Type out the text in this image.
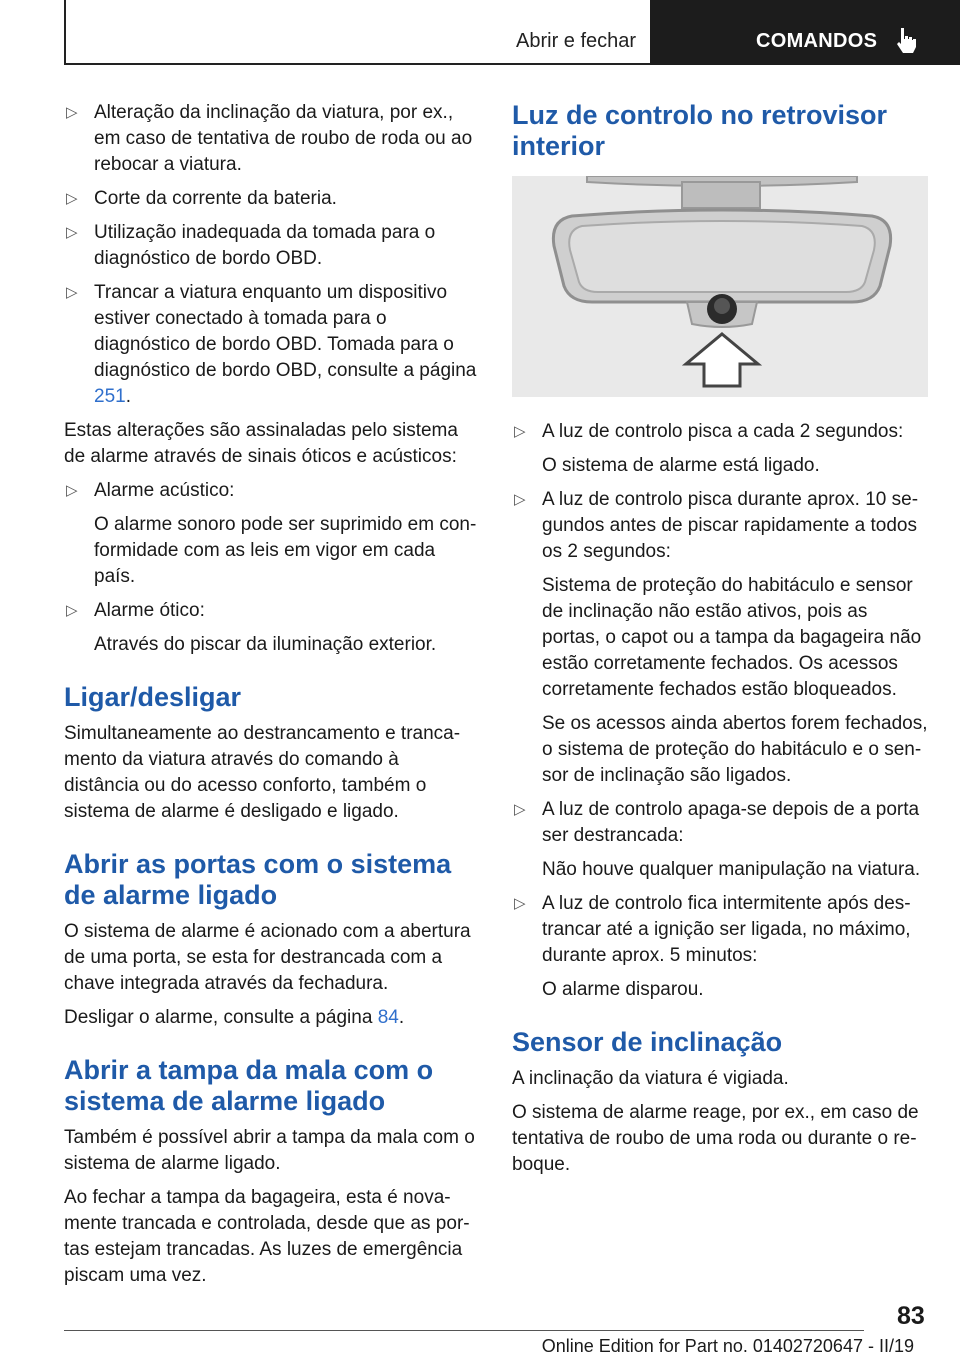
Abrir e fechar	COMANDOS
▷ Alteração da inclinação da viatura, por ex., em caso de tentativa de roubo de roda ou ao rebocar a viatura.
▷ Corte da corrente da bateria.
▷ Utilização inadequada da tomada para o diagnóstico de bordo OBD.
▷ Trancar a viatura enquanto um dispositivo estiver conectado à tomada para o diagnóstico de bordo OBD. Tomada para o diagnóstico de bordo OBD, consulte a página 251.

Estas alterações são assinaladas pelo sistema de alarme através de sinais óticos e acústicos:

▷ Alarme acústico:

O alarme sonoro pode ser suprimido em conformidade com as leis em vigor em cada país.

▷ Alarme ótico:

Através do piscar da iluminação exterior.

Ligar/desligar

Simultaneamente ao destrancamento e trancamento da viatura através do comando à distância ou do acesso conforto, também o sistema de alarme é desligado e ligado.

Abrir as portas com o sistema de alarme ligado

O sistema de alarme é acionado com a abertura de uma porta, se esta for destrancada com a chave integrada através da fechadura.

Desligar o alarme, consulte a página 84.

Abrir a tampa da mala com o sistema de alarme ligado

Também é possível abrir a tampa da mala com o sistema de alarme ligado.

Ao fechar a tampa da bagageira, esta é novamente trancada e controlada, desde que as portas estejam trancadas. As luzes de emergência piscam uma vez.

Luz de controlo no retrovisor interior
▷ A luz de controlo pisca a cada 2 segundos:

O sistema de alarme está ligado.

▷ A luz de controlo pisca durante aprox. 10 segundos antes de piscar rapidamente a todos os 2 segundos:

Sistema de proteção do habitáculo e sensor de inclinação não estão ativos, pois as portas, o capot ou a tampa da bagageira não estão corretamente fechados. Os acessos corretamente fechados estão bloqueados.

Se os acessos ainda abertos forem fechados, o sistema de proteção do habitáculo e o sensor de inclinação são ligados.

▷ A luz de controlo apaga-se depois de a porta ser destrancada:

Não houve qualquer manipulação na viatura.

▷ A luz de controlo fica intermitente após destrancar até a ignição ser ligada, no máximo, durante aprox. 5 minutos:

O alarme disparou.

Sensor de inclinação

A inclinação da viatura é vigiada.

O sistema de alarme reage, por ex., em caso de tentativa de roubo de uma roda ou durante o reboque.

83
Online Edition for Part no. 01402720647 - II/19
